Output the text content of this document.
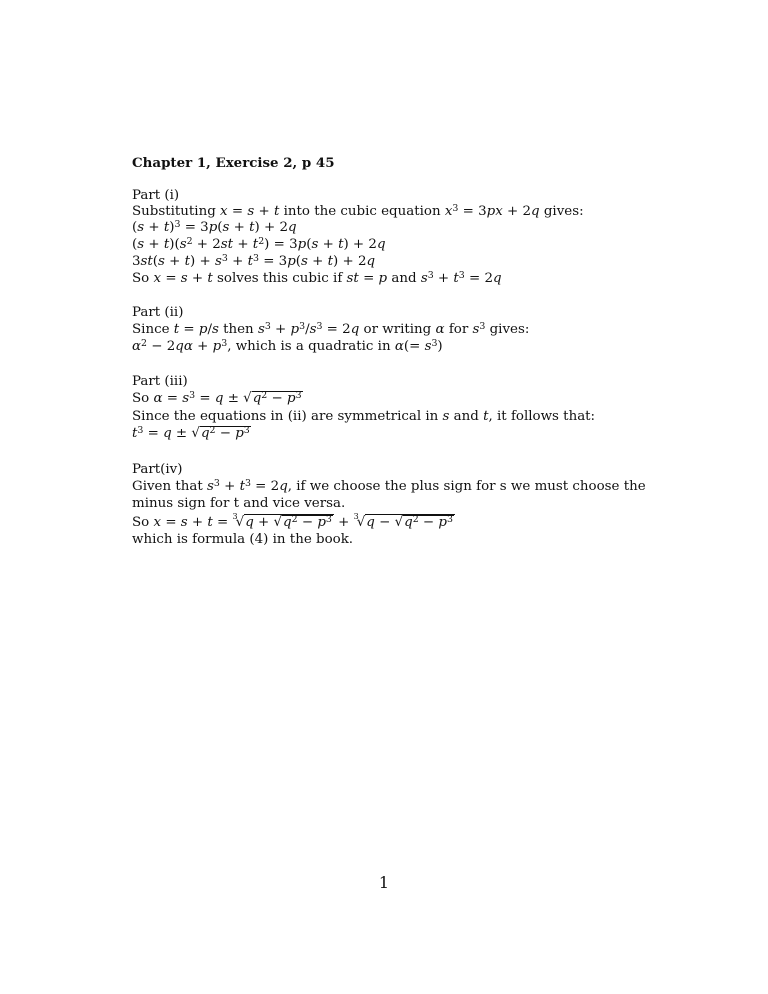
Chapter 1, Exercise 2, p 45
Part (i)
Substituting x = s + t into the cubic equation $x^3 = 3px + 2q$ gives:
$(s + t)^3 = 3p(s + t) + 2q$
$(s + t)(s^2 + 2st + t^2) = 3p(s + t) + 2q$
$3st(s + t) + s^3 + t^3 = 3p(s + t) + 2q$
So x = s + t solves this cubic if st = p and $s^3 + t^3 = 2q$
Part (ii)
Since t = p/s then $s^3 + p^3/s^3 = 2q$ or writing α for $s^3$ gives:
$\alpha^2 - 2q\alpha + p^3$, which is a quadratic in $\alpha(= s^3)$
Part (iii)
So $\alpha = s^3 = q \pm √q^2 - p^3$
Since the equations in (ii) are symmetrical in s and t, it follows that:
$t^3 = q \pm √q^2 - p^3$
Part(iv)
Given that $s^3 + t^3 = 2q$, if we choose the plus sign for s we must choose the
minus sign for t and vice versa.
So $x = s + t = ^3√q + √q^2 - p^3 + ^3√q - √q^2 - p^3$
which is formula (4) in the book.
1
